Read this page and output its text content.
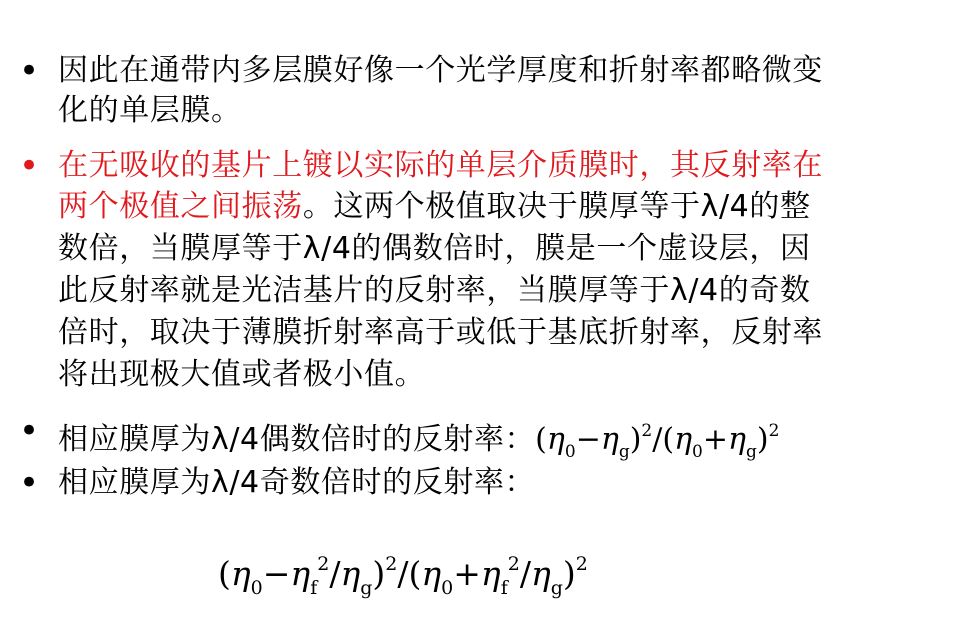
• 因此在通带内多层膜好像一个光学厚度和折射率都略微变
化的单层膜。
• 在无吸收的基片上镀以实际的单层介质膜时，其反射率在
两个极值之间振荡。这两个极值取决于膜厚等于λ/4的整
数倍，当膜厚等于λ/4的偶数倍时，膜是一个虚设层，因
此反射率就是光洁基片的反射率，当膜厚等于λ/4的奇数
倍时，取决于薄膜折射率高于或低于基底折射率，反射率
将出现极大值或者极小值。
• 相应膜厚为λ/4偶数倍时的反射率：$(\eta_0-\eta_g)^2/(\eta_0+\eta_g)^2$
• 相应膜厚为λ/4奇数倍时的反射率：
$(\eta_0-\eta_f^2/\eta_g)^2/(\eta_0+\eta_f^2/\eta_g)^2$
